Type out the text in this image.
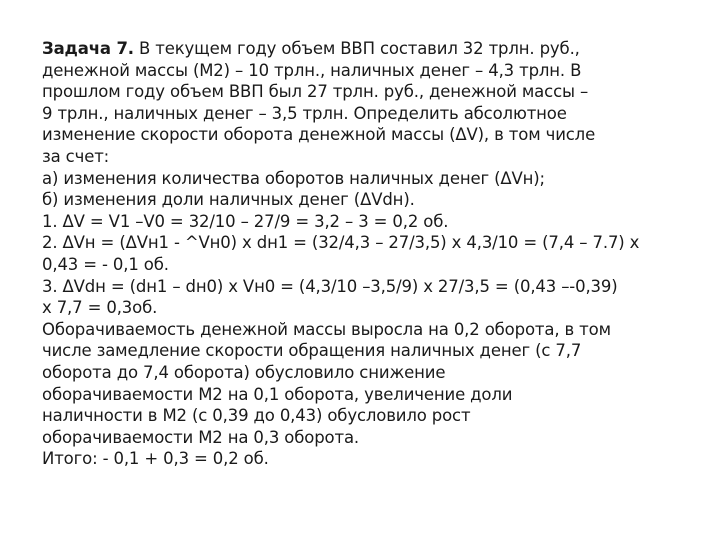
Задача 7. В текущем году объем ВВП составил 32 трлн. руб.,
денежной массы (М2) – 10 трлн., наличных денег – 4,3 трлн. В
прошлом году объем ВВП был 27 трлн. руб., денежной массы –
9 трлн., наличных денег – 3,5 трлн. Определить абсолютное
изменение скорости оборота денежной массы (ΔV), в том числе
за счет:

а) изменения количества оборотов наличных денег (ΔVн);

б) изменения доли наличных денег (ΔVdн).

1. ΔV = V1 –V0 = 32/10 – 27/9 = 3,2 – 3 = 0,2 об.

2. ΔVн = (ΔVн1 - ^Vн0) х dн1 = (32/4,3 – 27/3,5) х 4,3/10 = (7,4 – 7.7) х
0,43 = - 0,1 об.

3. ΔVdн = (dн1 – dн0) х Vн0 = (4,3/10 –3,5/9) х 27/3,5 = (0,43 –-0,39)
х 7,7 = 0,3об.

Оборачиваемость денежной массы выросла на 0,2 оборота, в том
числе замедление скорости обращения наличных денег (с 7,7
оборота до 7,4 оборота) обусловило снижение
оборачиваемости М2 на 0,1 оборота, увеличение доли
наличности в М2 (с 0,39 до 0,43) обусловило рост
оборачиваемости М2 на 0,3 оборота.

Итого: - 0,1 + 0,3 = 0,2 об.
